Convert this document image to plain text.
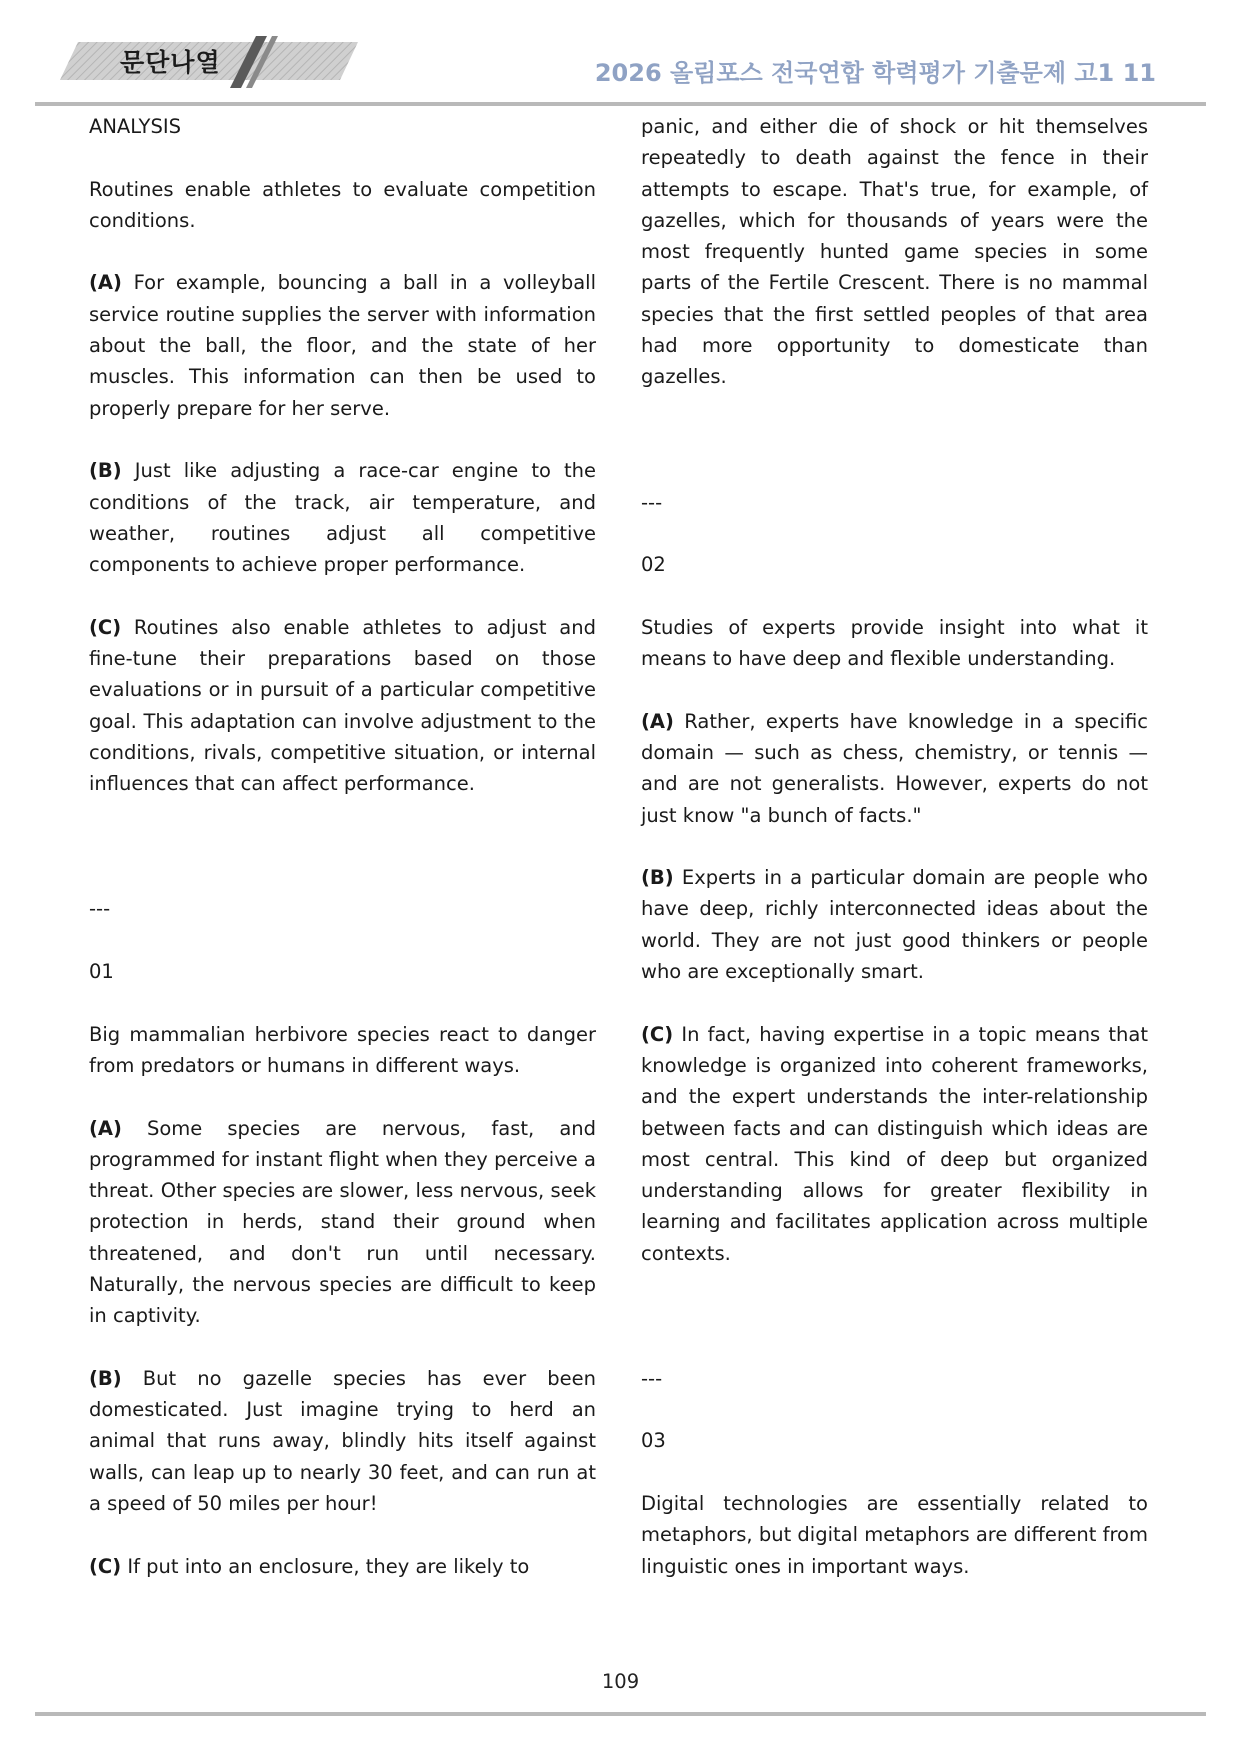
문단나열	2026 올림포스 전국연합 학력평가 기출문제 고1 11

ANALYSIS

Routines enable athletes to evaluate competition conditions.

(A) For example, bouncing a ball in a volleyball service routine supplies the server with information about the ball, the floor, and the state of her muscles. This information can then be used to properly prepare for her serve.

(B) Just like adjusting a race-car engine to the conditions of the track, air temperature, and weather, routines adjust all competitive components to achieve proper performance.

(C) Routines also enable athletes to adjust and fine-tune their preparations based on those evaluations or in pursuit of a particular competitive goal. This adaptation can involve adjustment to the conditions, rivals, competitive situation, or internal influences that can affect performance.

---

01

Big mammalian herbivore species react to danger from predators or humans in different ways.

(A) Some species are nervous, fast, and programmed for instant flight when they perceive a threat. Other species are slower, less nervous, seek protection in herds, stand their ground when threatened, and don't run until necessary. Naturally, the nervous species are difficult to keep in captivity.

(B) But no gazelle species has ever been domesticated. Just imagine trying to herd an animal that runs away, blindly hits itself against walls, can leap up to nearly 30 feet, and can run at a speed of 50 miles per hour!

(C) If put into an enclosure, they are likely to

panic, and either die of shock or hit themselves repeatedly to death against the fence in their attempts to escape. That's true, for example, of gazelles, which for thousands of years were the most frequently hunted game species in some parts of the Fertile Crescent. There is no mammal species that the first settled peoples of that area had more opportunity to domesticate than gazelles.

---

02

Studies of experts provide insight into what it means to have deep and flexible understanding.

(A) Rather, experts have knowledge in a specific domain — such as chess, chemistry, or tennis — and are not generalists. However, experts do not just know "a bunch of facts."

(B) Experts in a particular domain are people who have deep, richly interconnected ideas about the world. They are not just good thinkers or people who are exceptionally smart.

(C) In fact, having expertise in a topic means that knowledge is organized into coherent frameworks, and the expert understands the inter-relationship between facts and can distinguish which ideas are most central. This kind of deep but organized understanding allows for greater flexibility in learning and facilitates application across multiple contexts.

---

03

Digital technologies are essentially related to metaphors, but digital metaphors are different from linguistic ones in important ways.

109
